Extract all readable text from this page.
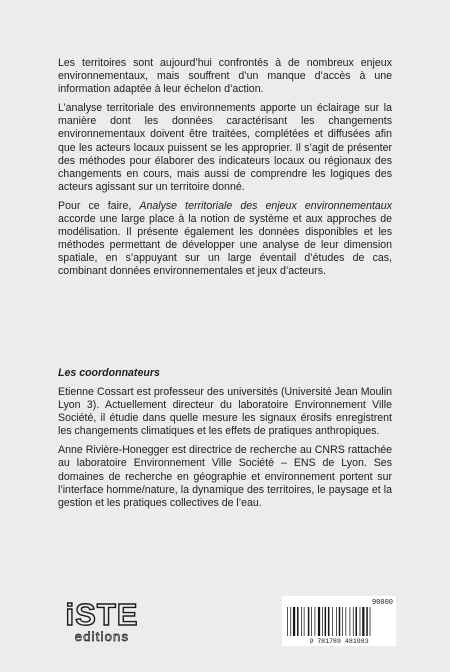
Les territoires sont aujourd’hui confrontés à de nombreux enjeux environnementaux, mais souffrent d’un manque d’accès à une information adaptée à leur échelon d’action.

L’analyse territoriale des environnements apporte un éclairage sur la manière dont les données caractérisant les changements environnementaux doivent être traitées, complétées et diffusées afin que les acteurs locaux puissent se les approprier. Il s’agit de présenter des méthodes pour élaborer des indicateurs locaux ou régionaux des changements en cours, mais aussi de comprendre les logiques des acteurs agissant sur un territoire donné.

Pour ce faire, Analyse territoriale des enjeux environnementaux accorde une large place à la notion de système et aux approches de modélisation. Il présente également les données disponibles et les méthodes permettant de développer une analyse de leur dimension spatiale, en s’appuyant sur un large éventail d’études de cas, combinant données environnementales et jeux d’acteurs.

Les coordonnateurs

Etienne Cossart est professeur des universités (Université Jean Moulin Lyon 3). Actuellement directeur du laboratoire Environnement Ville Société, il étudie dans quelle mesure les signaux érosifs enregistrent les changements climatiques et les effets de pratiques anthropiques.

Anne Rivière-Honegger est directrice de recherche au CNRS rattachée au laboratoire Environnement Ville Société – ENS de Lyon. Ses domaines de recherche en géographie et environnement portent sur l’interface homme/nature, la dynamique des territoires, le paysage et la gestion et les pratiques collectives de l’eau.

iSTE
editions
90000
9 781789 481983
